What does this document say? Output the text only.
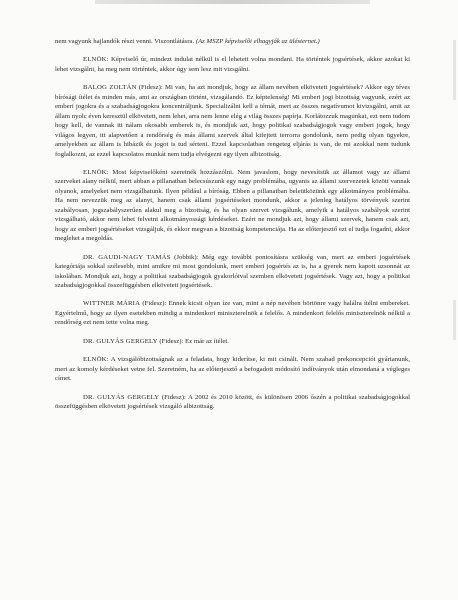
nem vagyunk hajlandók részt venni. Viszontlátásra. (Az MSZP képviselői elhagyják az ülésternet.)

ELNÖK: Képviselő úr, mindezt indulat nélkül is el lehetett volna mondani. Ha történtek jogsértések, akkor azokat ki lehet vizsgálni, ha meg nem történtek, akkor úgy sem lesz mit vizsgálni.

BALOG ZOLTÁN (Fidesz): Mi van, ha azt mondjuk, hogy az állam nevében elkövetett jogsértések? Akkor egy téves bírósági ítélet és minden más, ami az országban történt, vizsgálandó. Ez képtelenség! Mi emberi jogi bizottság vagyunk, ezért az emberi jogokra és a szabadságjogokra koncentráljunk. Specializálni kell a témát, mert az összes negatívumot kivizsgálni, amit az állam nyolc éven keresztül elkövetett, nem lehet, arra nem lenne elég a világ összes papírja. Korlátozzuk magunkat, ezt nem tudom hogy kell, de vannak itt nálam okosabb emberek is, és mondjuk azt, hogy politikai szabadságjogok vagy emberi jogok, hogy világos legyen, itt alapvetően a rendőrség és más állami szervek által kifejtett terrorra gondolunk, nem pedig olyan ügyekre, amelyekben az állam is hibázik és jogot is tud sérteni. Ezzel kapcsolatban rengeteg eljárás is van, de mi azokkal nem tudunk foglalkozni, az ezzel kapcsolatos munkát nem tudja elvégezni egy ilyen albizottság.

ELNÖK: Most képviselőként szeretnék hozzászólni. Nem javaslom, hogy nevesítsük az államot vagy az állami szerveket alany nélkül, mert abban a pillanatban belecsúszunk egy nagy problémába, ugyanis az állami szervezetek között vannak olyanok, amelyeket nem vizsgálhatunk. Ilyen például a bíróság. Ebben a pillanatban beleütközünk egy alkotmányos problémába. Ha nem nevezzük meg az alanyt, hanem csak állami jogsértéseket mondunk, akkor a jelenleg hatályos törvények szerint szabályosan, jogszabályszerűen alakul meg a bizottság, és ha olyan szervet vizsgálunk, amelyik a hatályos szabályok szerint vizsgálható, akkor nem lehet felvetni alkotmányossági kérdéseket. Ezért ne mondjuk azt, hogy állami szervek, hanem csak azt, hogy az emberi jogsértéseket vizsgáljuk, és ekkor megvan a bizottság kompetenciája. Ha az előterjesztő ezt el tudja fogadni, akkor meglehet a megoldás.

DR. GAUDI-NAGY TAMÁS (Jobbik): Még egy további pontosításra szükség van, mert az emberi jogsértések kategóriája sokkal szélesebb, mint amikre mi most gondolunk, mert emberi jogsértés az is, ha a gyerek nem kapott uzsonnát az iskolában. Mondjuk azt, hogy a politikai szabadságjogok gyakorlóival szemben elkövetett jogsértések. Vagy azt, hogy a politikai szabadságjogokkal összefüggésben elkövetett jogsértések.

WITTNER MÁRIA (Fidesz): Ennek kicsit olyan íze van, mint a nép nevében börtönre vagy halálra ítélni embereket. Egyértelmű, hogy az ilyen esetekben mindig a mindenkori miniszterelnök a felelős. A mindenkori felelős miniszterelnök nélkül a rendőrség ezt nem tette volna meg.

DR. GULYÁS GERGELY (Fidesz): Ez már az ítélet.

ELNÖK: A vizsgálóbizottságnak az a feladata, hogy kiderítse, ki mit csinált. Nem szabad prekoncepciót gyártanunk, mert az komoly kérdéseket vetne fel. Szeretném, ha az előterjesztő a befogadott módosító indítványok után elmondaná a végleges címet.

DR. GULYÁS GERGELY (Fidesz): A 2002 és 2010 között, és különösen 2006 őszén a politikai szabadságjogokkal összefüggésben elkövetett jogsértések vizsgáló albizottság.
